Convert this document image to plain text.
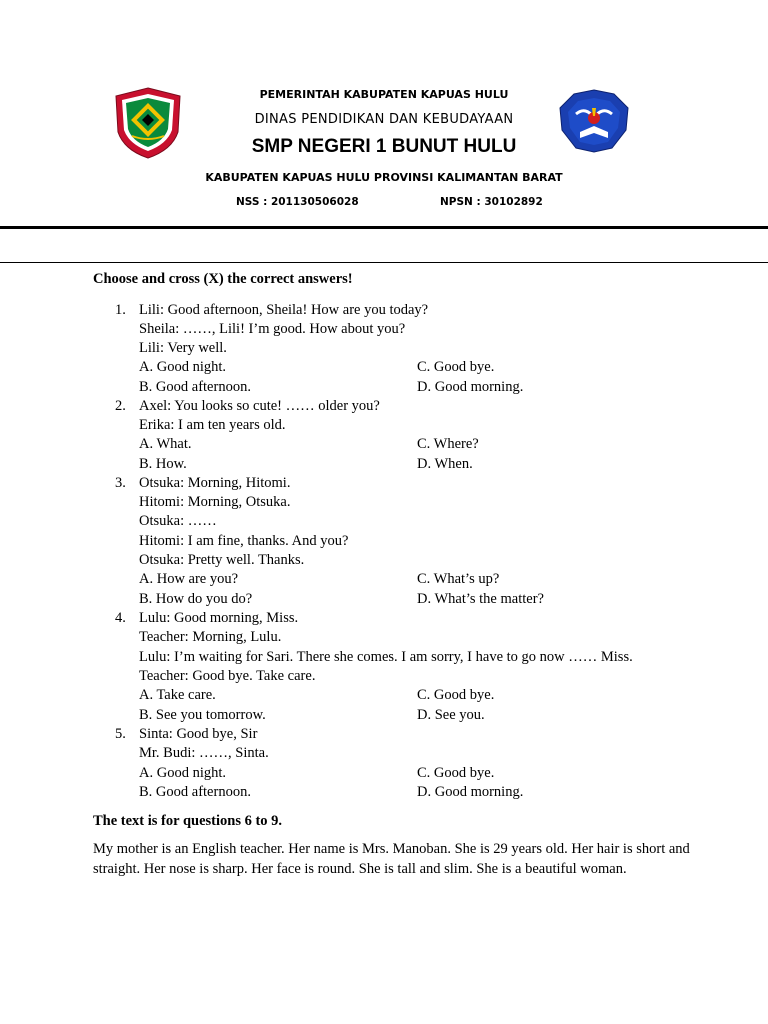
PEMERINTAH KABUPATEN KAPUAS HULU
DINAS PENDIDIKAN DAN KEBUDAYAAN
SMP NEGERI 1 BUNUT HULU
KABUPATEN KAPUAS HULU PROVINSI KALIMANTAN BARAT
NSS : 201130506028	NPSN : 30102892
Choose and cross (X) the correct answers!
1. Lili: Good afternoon, Sheila! How are you today?
Sheila: ……, Lili! I’m good. How about you?
Lili: Very well.
A. Good night.	C. Good bye.
B. Good afternoon.	D. Good morning.
2. Axel: You looks so cute! …… older you?
Erika: I am ten years old.
A. What.	C. Where?
B. How.	D. When.
3. Otsuka: Morning, Hitomi.
Hitomi: Morning, Otsuka.
Otsuka: ……
Hitomi: I am fine, thanks. And you?
Otsuka: Pretty well. Thanks.
A. How are you?	C. What’s up?
B. How do you do?	D. What’s the matter?
4. Lulu: Good morning, Miss.
Teacher: Morning, Lulu.
Lulu: I’m waiting for Sari. There she comes. I am sorry, I have to go now …… Miss.
Teacher: Good bye. Take care.
A. Take care.	C. Good bye.
B. See you tomorrow.	D. See you.
5. Sinta: Good bye, Sir
Mr. Budi: ……, Sinta.
A. Good night.	C. Good bye.
B. Good afternoon.	D. Good morning.
The text is for questions 6 to 9.
My mother is an English teacher. Her name is Mrs. Manoban. She is 29 years old. Her hair is short and straight. Her nose is sharp. Her face is round. She is tall and slim. She is a beautiful woman.
